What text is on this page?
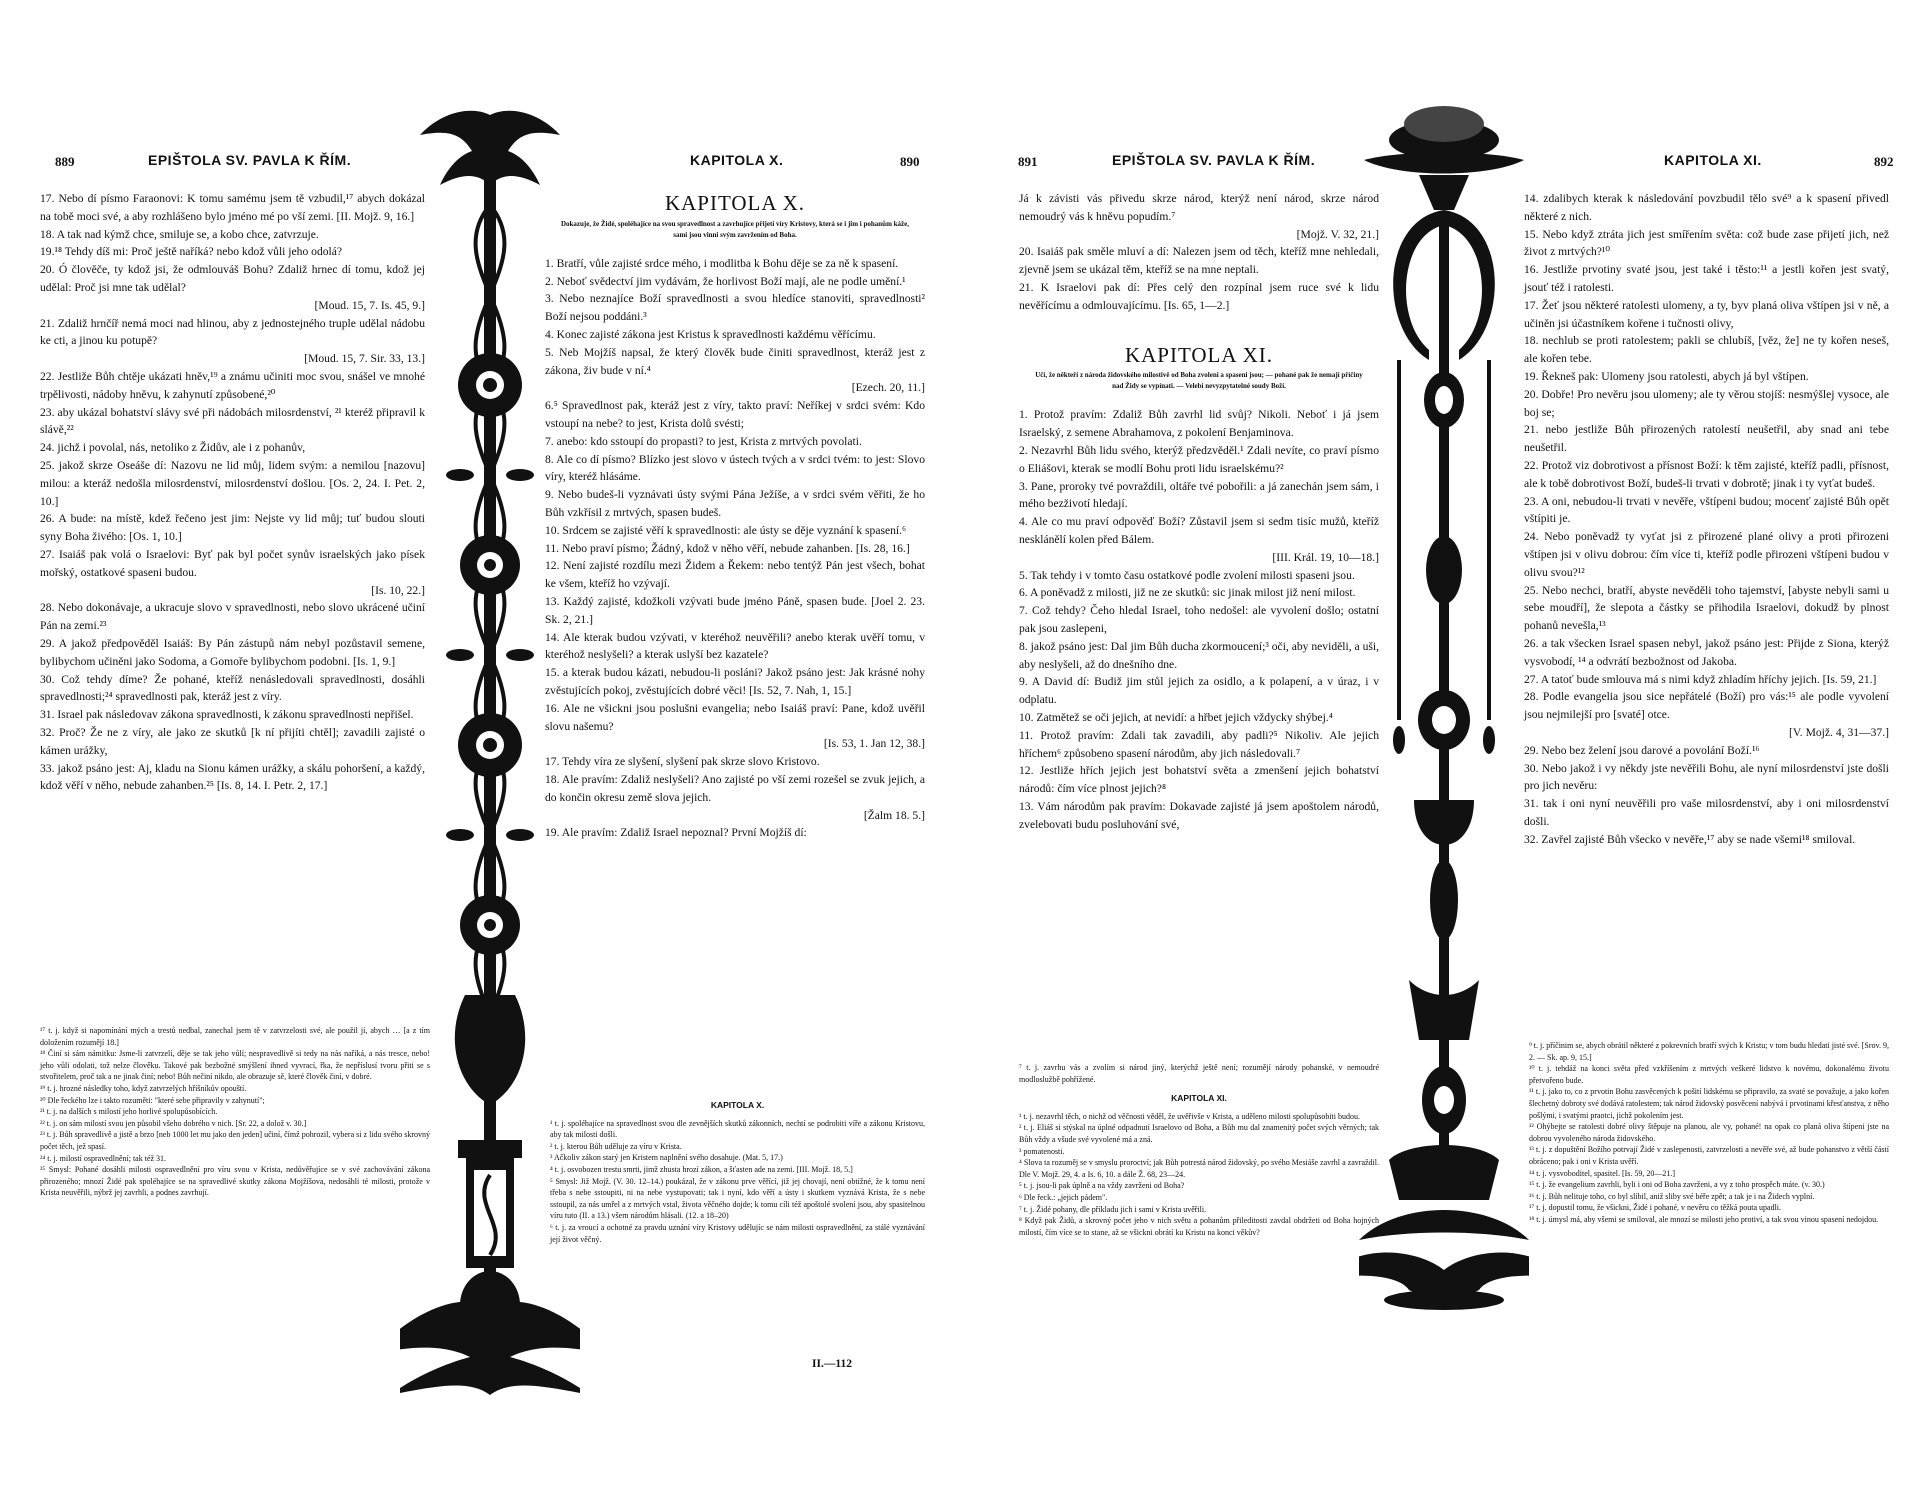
889	EPIŠTOLA SV. PAVLA K ŘÍM.	KAPITOLA X.	890

17. Nebo dí písmo Faraonovi: K tomu samému jsem tě vzbudil,¹⁷ abych dokázal na tobě moci své, a aby rozhlášeno bylo jméno mé po vší zemi. [II. Mojž. 9, 16.]

18. A tak nad kýmž chce, smiluje se, a kobo chce, zatvrzuje.

19.¹⁸ Tehdy díš mi: Proč ještě naříká? nebo kdož vůli jeho odolá?

20. Ó člověče, ty kdož jsi, že odmlouváš Bohu? Zdaliž hrnec dí tomu, kdož jej udělal: Proč jsi mne tak udělal?

[Moud. 15, 7. Is. 45, 9.]

21. Zdaliž hrnčíř nemá moci nad hlinou, aby z jednostejného truple udělal nádobu ke cti, a jinou ku potupě?

[Moud. 15, 7. Sir. 33, 13.]

22. Jestliže Bůh chtěje ukázati hněv,¹⁹ a známu učiniti moc svou, snášel ve mnohé trpělivosti, nádoby hněvu, k zahynutí způsobené,²⁰

23. aby ukázal bohatství slávy své při nádobách milosrdenství, ²¹ kteréž připravil k slávě,²²

24. jichž i povolal, nás, netoliko z Židův, ale i z pohanův,

25. jakož skrze Oseáše dí: Nazovu ne lid můj, lidem svým: a nemilou [nazovu] milou: a kteráž nedošla milosrdenství, milosrdenství došlou. [Os. 2, 24. I. Pet. 2, 10.]

26. A bude: na místě, kdež řečeno jest jim: Nejste vy lid můj; tuť budou slouti syny Boha živého: [Os. 1, 10.]

27. Isaiáš pak volá o Israelovi: Byť pak byl počet synův israelských jako písek mořský, ostatkové spaseni budou.

[Is. 10, 22.]

28. Nebo dokonávaje, a ukracuje slovo v spravedlnosti, nebo slovo ukrácené učiní Pán na zemi.²³

29. A jakož předpověděl Isaiáš: By Pán zástupů nám nebyl pozůstavil semene, bylibychom učiněni jako Sodoma, a Gomoře bylibychom podobni. [Is. 1, 9.]

30. Což tehdy díme? Že pohané, kteříž nenásledovali spravedlnosti, dosáhli spravedlnosti;²⁴ spravedlnosti pak, kteráž jest z víry.

31. Israel pak následovav zákona spravedlnosti, k zákonu spravedlnosti nepřišel.

32. Proč? Že ne z víry, ale jako ze skutků [k ní přijíti chtěl]; zavadili zajisté o kámen urážky,

33. jakož psáno jest: Aj, kladu na Sionu kámen urážky, a skálu pohoršení, a každý, kdož věří v něho, nebude zahanben.²⁵ [Is. 8, 14. I. Petr. 2, 17.]

¹⁷ t. j. když si napomínání mých a trestů nedbal, zanechal jsem tě v zatvrzelosti své, ale použil jí, abych … [a z tím doložením rozumějí 18.]

¹⁸ Činí si sám námitku: Jsme-li zatvrzelí, děje se tak jeho vůlí; nespravedlivě si tedy na nás naříká, a nás tresce, nebo! jeho vůli odolati, tož nelze člověku. Takové pak bezbožné smýšlení ihned vyvrací, řka, že nepříslusí tvoru přiti se s stvořitelem, proč tak a ne jinak činí; nebo! Bůh nečiní nikdo, ale obrazuje sě, které člověk činí, v dobré.

¹⁹ t. j. hrozné následky toho, když zatvrzelých hříšníkův opouští.

²⁰ Dle řeckého lze i takto rozuměti: "které sebe připravily v zahynutí";

²¹ t. j. na dalších s milostí jeho horlivé spolupůsobících.

²² t. j. on sám milostí svou jen působil všeho dobrého v nich. [Sr. 22, a dolož v. 30.]

²³ t. j. Bůh spravedlivě a jistě a brzo [neb 1000 let mu jako den jeden] učiní, čímž pohrozil, vybera si z lidu svého skrovný počet těch, jež spasí.

²⁴ t. j. milostí ospravedlnění; tak též 31.

²⁵ Smysl: Pohané dosáhli milosti ospravedlnění pro víru svou v Krista, nedůvěřujíce se v své zachovávání zákona přirozeného; mnozí Židé pak spoléhajíce se na spravedlivé skutky zákona Mojžíšova, nedosáhli té milosti, protože v Krista neuvěřili, nýbrž jej zavrhli, a podnes zavrhují.

KAPITOLA X.
Dokazuje, že Židé, spoléhajíce na svou spravedlnost a zavrhujíce přijetí víry Kristovy, která se i jim i pohanům káže, sami jsou vinni svým zavržením od Boha.

1. Bratří, vůle zajisté srdce mého, i modlitba k Bohu děje se za ně k spasení.

2. Neboť svědectví jim vydávám, že horlivost Boží mají, ale ne podle umění.¹

3. Nebo neznajíce Boží spravedlnosti a svou hledíce stanoviti, spravedlnosti² Boží nejsou poddáni.³

4. Konec zajisté zákona jest Kristus k spravedlnosti každému věřícímu.

5. Neb Mojžíš napsal, že který člověk bude činiti spravedlnost, kteráž jest z zákona, živ bude v ní.⁴

[Ezech. 20, 11.]

6.⁵ Spravedlnost pak, kteráž jest z víry, takto praví: Neříkej v srdci svém: Kdo vstoupí na nebe? to jest, Krista dolů svésti;

7. anebo: kdo sstoupí do propasti? to jest, Krista z mrtvých povolati.

8. Ale co dí písmo? Blízko jest slovo v ústech tvých a v srdci tvém: to jest: Slovo víry, kteréž hlásáme.

9. Nebo budeš-li vyznávati ústy svými Pána Ježíše, a v srdci svém věřiti, že ho Bůh vzkřísil z mrtvých, spasen budeš.

10. Srdcem se zajisté věří k spravedlnosti: ale ústy se děje vyznání k spasení.⁶

11. Nebo praví písmo; Žádný, kdož v něho věří, nebude zahanben. [Is. 28, 16.]

12. Není zajisté rozdílu mezi Židem a Řekem: nebo tentýž Pán jest všech, bohat ke všem, kteříž ho vzývají.

13. Každý zajisté, kdožkoli vzývati bude jméno Páně, spasen bude. [Joel 2. 23. Sk. 2, 21.]

14. Ale kterak budou vzývati, v kteréhož neuvěřili? anebo kterak uvěří tomu, v kteréhož neslyšeli? a kterak uslyší bez kazatele?

15. a kterak budou kázati, nebudou-li posláni? Jakož psáno jest: Jak krásné nohy zvěstujících pokoj, zvěstujících dobré věci! [Is. 52, 7. Nah, 1, 15.]

16. Ale ne všickni jsou poslušni evangelia; nebo Isaiáš praví: Pane, kdož uvěřil slovu našemu?

[Is. 53, 1. Jan 12, 38.]

17. Tehdy víra ze slyšení, slyšení pak skrze slovo Kristovo.

18. Ale pravím: Zdaliž neslyšeli? Ano zajisté po vší zemi rozešel se zvuk jejich, a do končin okresu země slova jejich.

[Žalm 18. 5.]

19. Ale pravím: Zdaliž Israel nepoznal? První Mojžíš dí:

KAPITOLA X.

¹ t. j. spoléhajíce na spravedlnost svou dle zevnějších skutků zákonních, nechtí se podrobiti víře a zákonu Kristovu, aby tak milosti došli.

² t. j. kterou Bůh uděluje za víru v Krista.

³ Ačkoliv zákon starý jen Kristem naplnění svého dosahuje. (Mat. 5, 17.)

⁴ t. j. osvobozen trestu smrti, jimž zhusta hrozí zákon, a šťasten ade na zemi. [III. Mojž. 18, 5.]

⁵ Smysl: Již Mojž. (V. 30. 12–14.) poukázal, že v zákonu prve věřící, již jej chovají, není obtížné, že k tomu není třeba s nebe sstoupiti, ni na nebe vystupovati; tak i nyní, kdo věří a ústy i skutkem vyznává Krista, že s nebe sstoupil, za nás umřel a z mrtvých vstal, života věčného dojde; k tomu cíli též apoštolé svolení jsou, aby spasitelnou víru tuto (II. a 13.) všem národům hlásali. (12. a 18–20)

⁶ t. j. za vroucí a ochotné za pravdu uznání víry Kristovy udělujíc se nám milosti ospravedlnění, za stálé vyznávání její život věčný.

II.—112
891	EPIŠTOLA SV. PAVLA K ŘÍM.	KAPITOLA XI.	892

Já k závisti vás přivedu skrze národ, kterýž není národ, skrze národ nemoudrý vás k hněvu popudím.⁷

[Mojž. V. 32, 21.]

20. Isaiáš pak směle mluví a dí: Nalezen jsem od těch, kteříž mne nehledali, zjevně jsem se ukázal těm, kteříž se na mne neptali.

21. K Israelovi pak dí: Přes celý den rozpínal jsem ruce své k lidu nevěřícímu a odmlouvajícímu. [Is. 65, 1—2.]

KAPITOLA XI.
Učí, že někteří z národa židovského milostivě od Boha zvoleni a spaseni jsou; — pohané pak že nemají příčiny nad Židy se vypínati. — Velebí nevyzpytatelné soudy Boží.

1. Protož pravím: Zdaliž Bůh zavrhl lid svůj? Nikoli. Neboť i já jsem Israelský, z semene Abrahamova, z pokolení Benjaminova.

2. Nezavrhl Bůh lidu svého, kterýž předzvěděl.¹ Zdali nevíte, co praví písmo o Eliášovi, kterak se modlí Bohu proti lidu israelskému?²

3. Pane, proroky tvé povraždili, oltáře tvé pobořili: a já zanechán jsem sám, i mého bezživotí hledají.

4. Ale co mu praví odpověď Boží? Zůstavil jsem si sedm tisíc mužů, kteříž nesklánělí kolen před Bálem.

[III. Král. 19, 10—18.]

5. Tak tehdy i v tomto času ostatkové podle zvolení milosti spaseni jsou.

6. A poněvadž z milosti, již ne ze skutků: sic jinak milost již není milost.

7. Což tehdy? Čeho hledal Israel, toho nedošel: ale vyvolení došlo; ostatní pak jsou zaslepeni,

8. jakož psáno jest: Dal jim Bůh ducha zkormoucení;³ oči, aby neviděli, a uši, aby neslyšeli, až do dnešního dne.

9. A David dí: Budiž jim stůl jejich za osidlo, a k polapení, a v úraz, i v odplatu.

10. Zatmětež se oči jejich, at nevidí: a hřbet jejich vždycky shýbej.⁴

11. Protož pravím: Zdali tak zavadili, aby padli?⁵ Nikoliv. Ale jejich hříchem⁶ způsobeno spasení národům, aby jich následovali.⁷

12. Jestliže hřích jejich jest bohatství světa a zmenšení jejich bohatství národů: čím více plnost jejich?⁸

13. Vám národům pak pravím: Dokavade zajisté já jsem apoštolem národů, zvelebovati budu posluhování své,

⁷ t. j. zavrhu vás a zvolím si národ jiný, kterýchž ještě není; rozumějí národy pohanské, v nemoudré modloslužbě pohřížené.

KAPITOLA XI.

¹ t. j. nezavrhl těch, o nichž od věčnosti věděl, že uvěřivše v Krista, a uděleno milosti spolupůsobiti budou.

² t. j. Eliáš si stýskal na úplné odpadnutí Israelovo od Boha, a Bůh mu dal znamenitý počet svých věrných; tak Bůh vždy a všude své vyvolené má a zná.

³ pomatenosti.

⁴ Slova ta rozuměj se v smyslu proroctví; jak Bůh potrestá národ židovský, po svého Mesiáše zavrhl a zavraždil. Dle V. Mojž. 29, 4. a Is. 6, 10. a dále Ž. 68, 23—24.

⁵ t. j. jsou-li pak úplně a na vždy zavrženi od Boha?

⁶ Dle řeck.: „jejich pádem".

⁷ t. j. Židé pohany, dle příkladu jich i sami v Krista uvěřili.

⁸ Když pak Židů, a skrovný počet jeho v nich světu a pohanům přileditosti zavdal obdržeti od Boha hojných milostí, čím více se to stane, až se všickni obrátí ku Kristu na konci věkův?

14. zdalibych kterak k následování povzbudil tělo své⁹ a k spasení přivedl některé z nich.

15. Nebo když ztráta jich jest smířením světa: což bude zase přijetí jich, než život z mrtvých?¹⁰

16. Jestliže prvotiny svaté jsou, jest také i těsto:¹¹ a jestli kořen jest svatý, jsouť též i ratolesti.

17. Žeť jsou některé ratolesti ulomeny, a ty, byv planá oliva vštípen jsi v ně, a učiněn jsi účastníkem kořene i tučnosti olivy,

18. nechlub se proti ratolestem; pakli se chlubíš, [věz, že] ne ty kořen neseš, ale kořen tebe.

19. Řekneš pak: Ulomeny jsou ratolesti, abych já byl vštípen.

20. Dobře! Pro nevěru jsou ulomeny; ale ty věrou stojíš: nesmýšlej vysoce, ale boj se;

21. nebo jestliže Bůh přirozených ratolestí neušetřil, aby snad ani tebe neušetřil.

22. Protož viz dobrotivost a přísnost Boží: k těm zajisté, kteříž padli, přísnost, ale k tobě dobrotivost Boží, budeš-li trvati v dobrotě; jinak i ty vyťat budeš.

23. A oni, nebudou-li trvati v nevěře, vštípeni budou; mocenť zajisté Bůh opět vštípiti je.

24. Nebo poněvadž ty vyťat jsi z přirozené plané olivy a proti přirozeni vštípen jsi v olivu dobrou: čím více ti, kteříž podle přirozeni vštípeni budou v olivu svou?¹²

25. Nebo nechci, bratří, abyste nevěděli toho tajemství, [abyste nebyli sami u sebe moudří], že slepota a částky se přihodila Israelovi, dokudž by plnost pohanů nevešla,¹³

26. a tak všecken Israel spasen nebyl, jakož psáno jest: Přijde z Siona, kterýž vysvobodí, ¹⁴ a odvrátí bezbožnost od Jakoba.

27. A tatoť bude smlouva má s nimi když zhladím hříchy jejich. [Is. 59, 21.]

28. Podle evangelia jsou sice nepřátelé (Boží) pro vás:¹⁵ ale podle vyvolení jsou nejmilejší pro [svaté] otce.

[V. Mojž. 4, 31—37.]

29. Nebo bez želení jsou darové a povolání Boží.¹⁶

30. Nebo jakož i vy někdy jste nevěřili Bohu, ale nyní milosrdenství jste došli pro jich nevěru:

31. tak i oni nyní neuvěřili pro vaše milosrdenství, aby i oni milosrdenství došli.

32. Zavřel zajisté Bůh všecko v nevěře,¹⁷ aby se nade všemi¹⁸ smiloval.

⁹ t. j. příčinim se, abych obrátil některé z pokrevních bratří svých k Kristu; v tom budu hledati jisté své. [Srov. 9, 2. — Sk. ap. 9, 15.]

¹⁰ t. j. tehdáž na konci světa před vzkříšením z mrtvých veškeré lidstvo k novému, dokonalému životu přetvořeno bude.

¹¹ t. j. jako to, co z prvotin Bohu zasvěcených k pošití lidskému se připravilo, za svaté se považuje, a jako kořen šlechetný dobroty své dodává ratolestem; tak národ židovský posvěcení nabývá i prvotinami křesťanstva, z něho pošlými, i svatými praotci, jichž pokolením jest.

¹² Ohýbejte se ratolesti dobré olivy štěpuje na planou, ale vy, pohané! na opak co planá oliva štípeni jste na dobrou vyvoleného národa židovského.

¹³ t. j. z dopuštění Božího potrvají Židé v zaslepenosti, zatvrzelosti a nevěře své, až bude pohanstvo z větší částí obráceno; pak i oni v Krista uvěří.

¹⁴ t. j. vysvoboditel, spasitel. [Is. 59, 20—21.]

¹⁵ t. j. že evangelium zavrhli, byli i oni od Boha zavrženi, a vy z toho prospěch máte. (v. 30.)

¹⁶ t. j. Bůh nelituje toho, co byl slíbil, aniž sliby své béře zpět; a tak je i na Židech vyplní.

¹⁷ t. j. dopustil tomu, že všickni, Židé i pohané, v nevěru co těžká pouta upadli.

¹⁸ t. j. úmysl má, aby všemi se smiloval, ale mnozí se milosti jeho protiví, a tak svou vinou spasení nedojdou.
